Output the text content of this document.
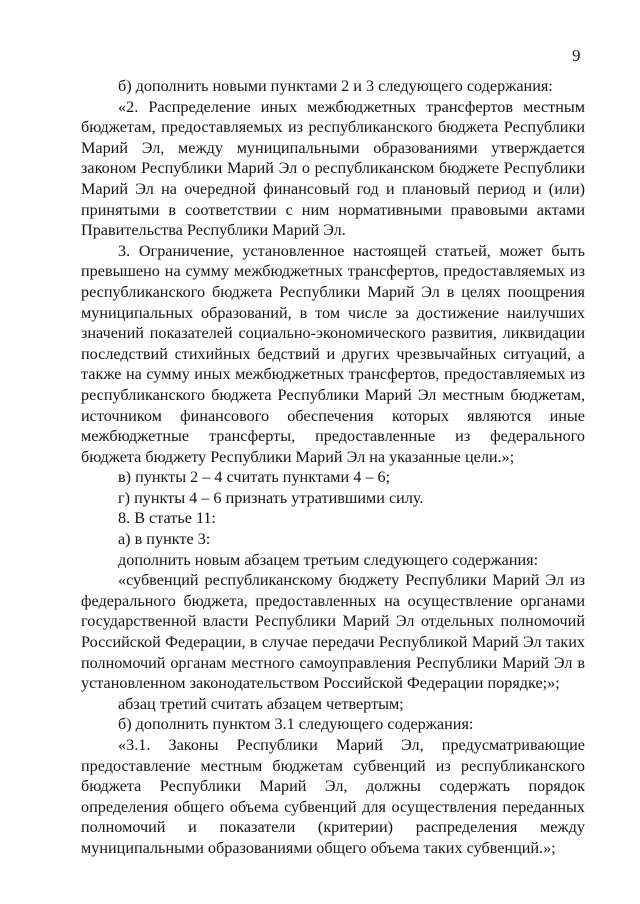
9

б) дополнить новыми пунктами 2 и 3 следующего содержания:

«2. Распределение иных межбюджетных трансфертов местным бюджетам, предоставляемых из республиканского бюджета Республики Марий Эл, между муниципальными образованиями утверждается законом Республики Марий Эл о республиканском бюджете Республики Марий Эл на очередной финансовый год и плановый период и (или) принятыми в соответствии с ним нормативными правовыми актами Правительства Республики Марий Эл.

3. Ограничение, установленное настоящей статьей, может быть превышено на сумму межбюджетных трансфертов, предоставляемых из республиканского бюджета Республики Марий Эл в целях поощрения муниципальных образований, в том числе за достижение наилучших значений показателей социально-экономического развития, ликвидации последствий стихийных бедствий и других чрезвычайных ситуаций, а также на сумму иных межбюджетных трансфертов, предоставляемых из республиканского бюджета Республики Марий Эл местным бюджетам, источником финансового обеспечения которых являются иные межбюджетные трансферты, предоставленные из федерального бюджета бюджету Республики Марий Эл на указанные цели.»;

в) пункты 2 – 4 считать пунктами 4 – 6;

г) пункты 4 – 6 признать утратившими силу.

8. В статье 11:

а) в пункте 3:

дополнить новым абзацем третьим следующего содержания:

«субвенций республиканскому бюджету Республики Марий Эл из федерального бюджета, предоставленных на осуществление органами государственной власти Республики Марий Эл отдельных полномочий Российской Федерации, в случае передачи Республикой Марий Эл таких полномочий органам местного самоуправления Республики Марий Эл в установленном законодательством Российской Федерации порядке;»;

абзац третий считать абзацем четвертым;

б) дополнить пунктом 3.1 следующего содержания:

«3.1. Законы Республики Марий Эл, предусматривающие предоставление местным бюджетам субвенций из республиканского бюджета Республики Марий Эл, должны содержать порядок определения общего объема субвенций для осуществления переданных полномочий и показатели (критерии) распределения между муниципальными образованиями общего объема таких субвенций.»;
